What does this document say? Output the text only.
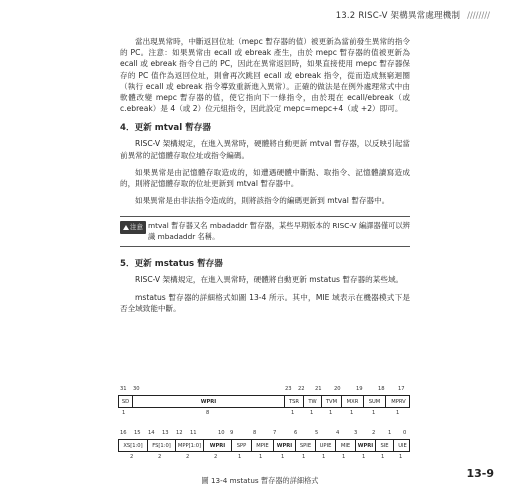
13.2 RISC-V 架構異常處理機制 ////////

當出現異常時，中斷返回位址（mepc 暫存器的值）被更新為當前發生異常的指令的 PC。注意：如果異常由 ecall 或 ebreak 產生，由於 mepc 暫存器的值被更新為 ecall 或 ebreak 指令自己的 PC，因此在異常返回時，如果直接使用 mepc 暫存器保存的 PC 值作為返回位址，則會再次跳回 ecall 或 ebreak 指令，從而造成無窮迴圈（執行 ecall 或 ebreak 指令導致重新進入異常）。正確的做法是在例外處理常式中由軟體改變 mepc 暫存器的值，使它指向下一條指令，由於現在 ecall/ebreak（或 c.ebreak）是 4（或 2）位元組指令，因此設定 mepc=mepc+4（或 +2）即可。

4．更新 mtval 暫存器

RISC-V 架構規定，在進入異常時，硬體將自動更新 mtval 暫存器，以反映引起當前異常的記憶體存取位址或指令編碼。

如果異常是由記憶體存取造成的，如遭遇硬體中斷點、取指令、記憶體讀寫造成的，則將記憶體存取的位址更新到 mtval 暫存器中。

如果異常是由非法指令造成的，則將該指令的編碼更新到 mtval 暫存器中。

注意 mtval 暫存器又名 mbadaddr 暫存器，某些早期版本的 RISC-V 編譯器僅可以辨識 mbadaddr 名稱。
5．更新 mstatus 暫存器

RISC-V 架構規定，在進入異常時，硬體將自動更新 mstatus 暫存器的某些域。

mstatus 暫存器的詳細格式如圖 13-4 所示。其中，MIE 域表示在機器模式下是否全域致能中斷。

31 30	23 22 21 20	19	18	17
SD	WPRI	TSR	TW	TVM	MXR	SUM	MPRV
1	8	1	1	1	1	1	1
16 15 14 13 12 11	10 9	8	7	6	5	4	3	2 1 0
XS[1:0]	FS[1:0]	MPP[1:0]	WPRI	SPP	MPIE	WPRI	SPIE	UPIE	MIE	WPRI	SIE	UIE
2	2	2	2	1	1	1	1	1	1	1	1	1
圖 13-4 mstatus 暫存器的詳細格式
13-9
